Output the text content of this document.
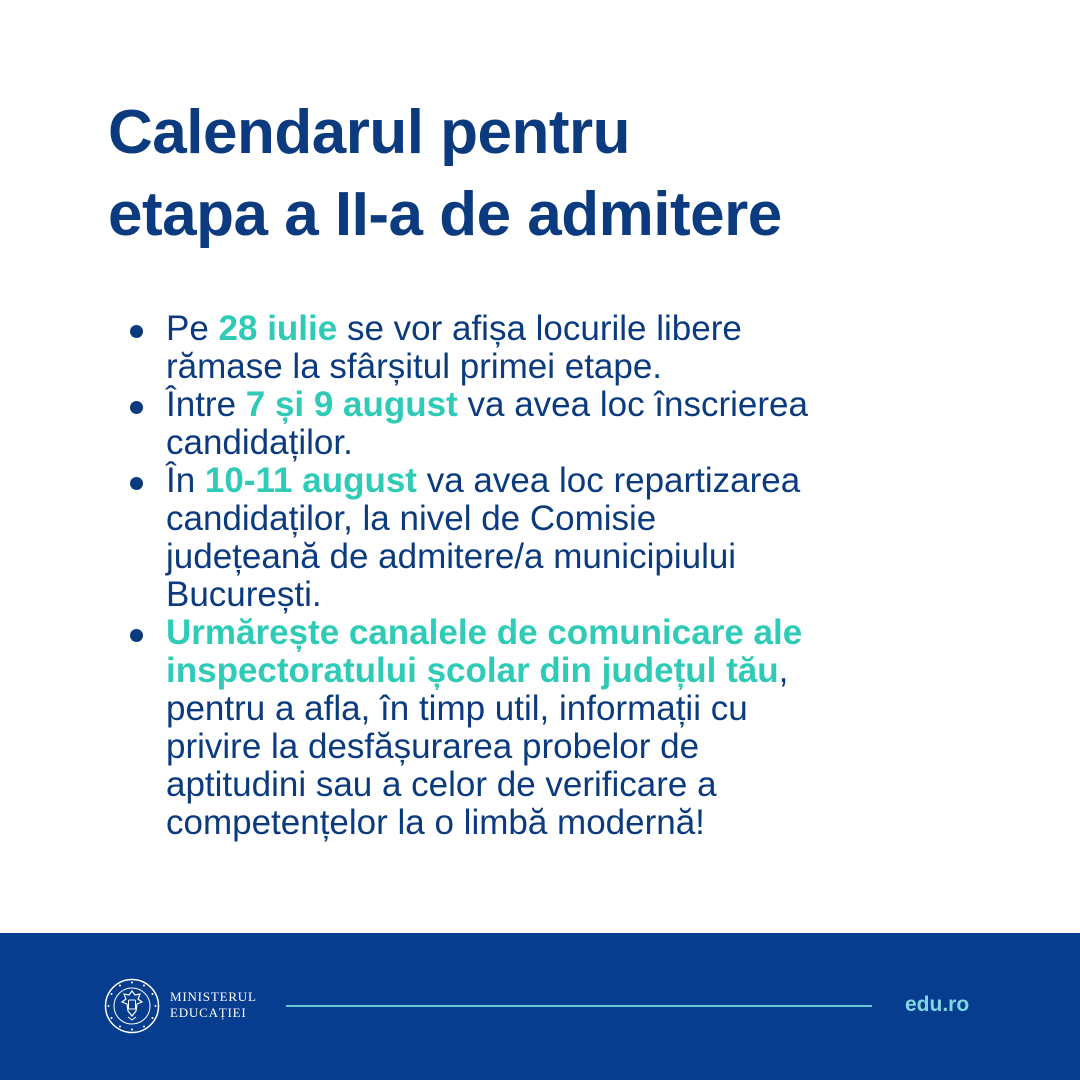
Calendarul pentru
etapa a II-a de admitere
Pe 28 iulie se vor afișa locurile libere
rămase la sfârșitul primei etape.
Între 7 și 9 august va avea loc înscrierea
candidaților.
În 10-11 august va avea loc repartizarea
candidaților, la nivel de Comisie
județeană de admitere/a municipiului
București.
Urmărește canalele de comunicare ale
inspectoratului școlar din județul tău,
pentru a afla, în timp util, informații cu
privire la desfășurarea probelor de
aptitudini sau a celor de verificare a
competențelor la o limbă modernă!
MINISTERUL
EDUCAȚIEI	edu.ro
